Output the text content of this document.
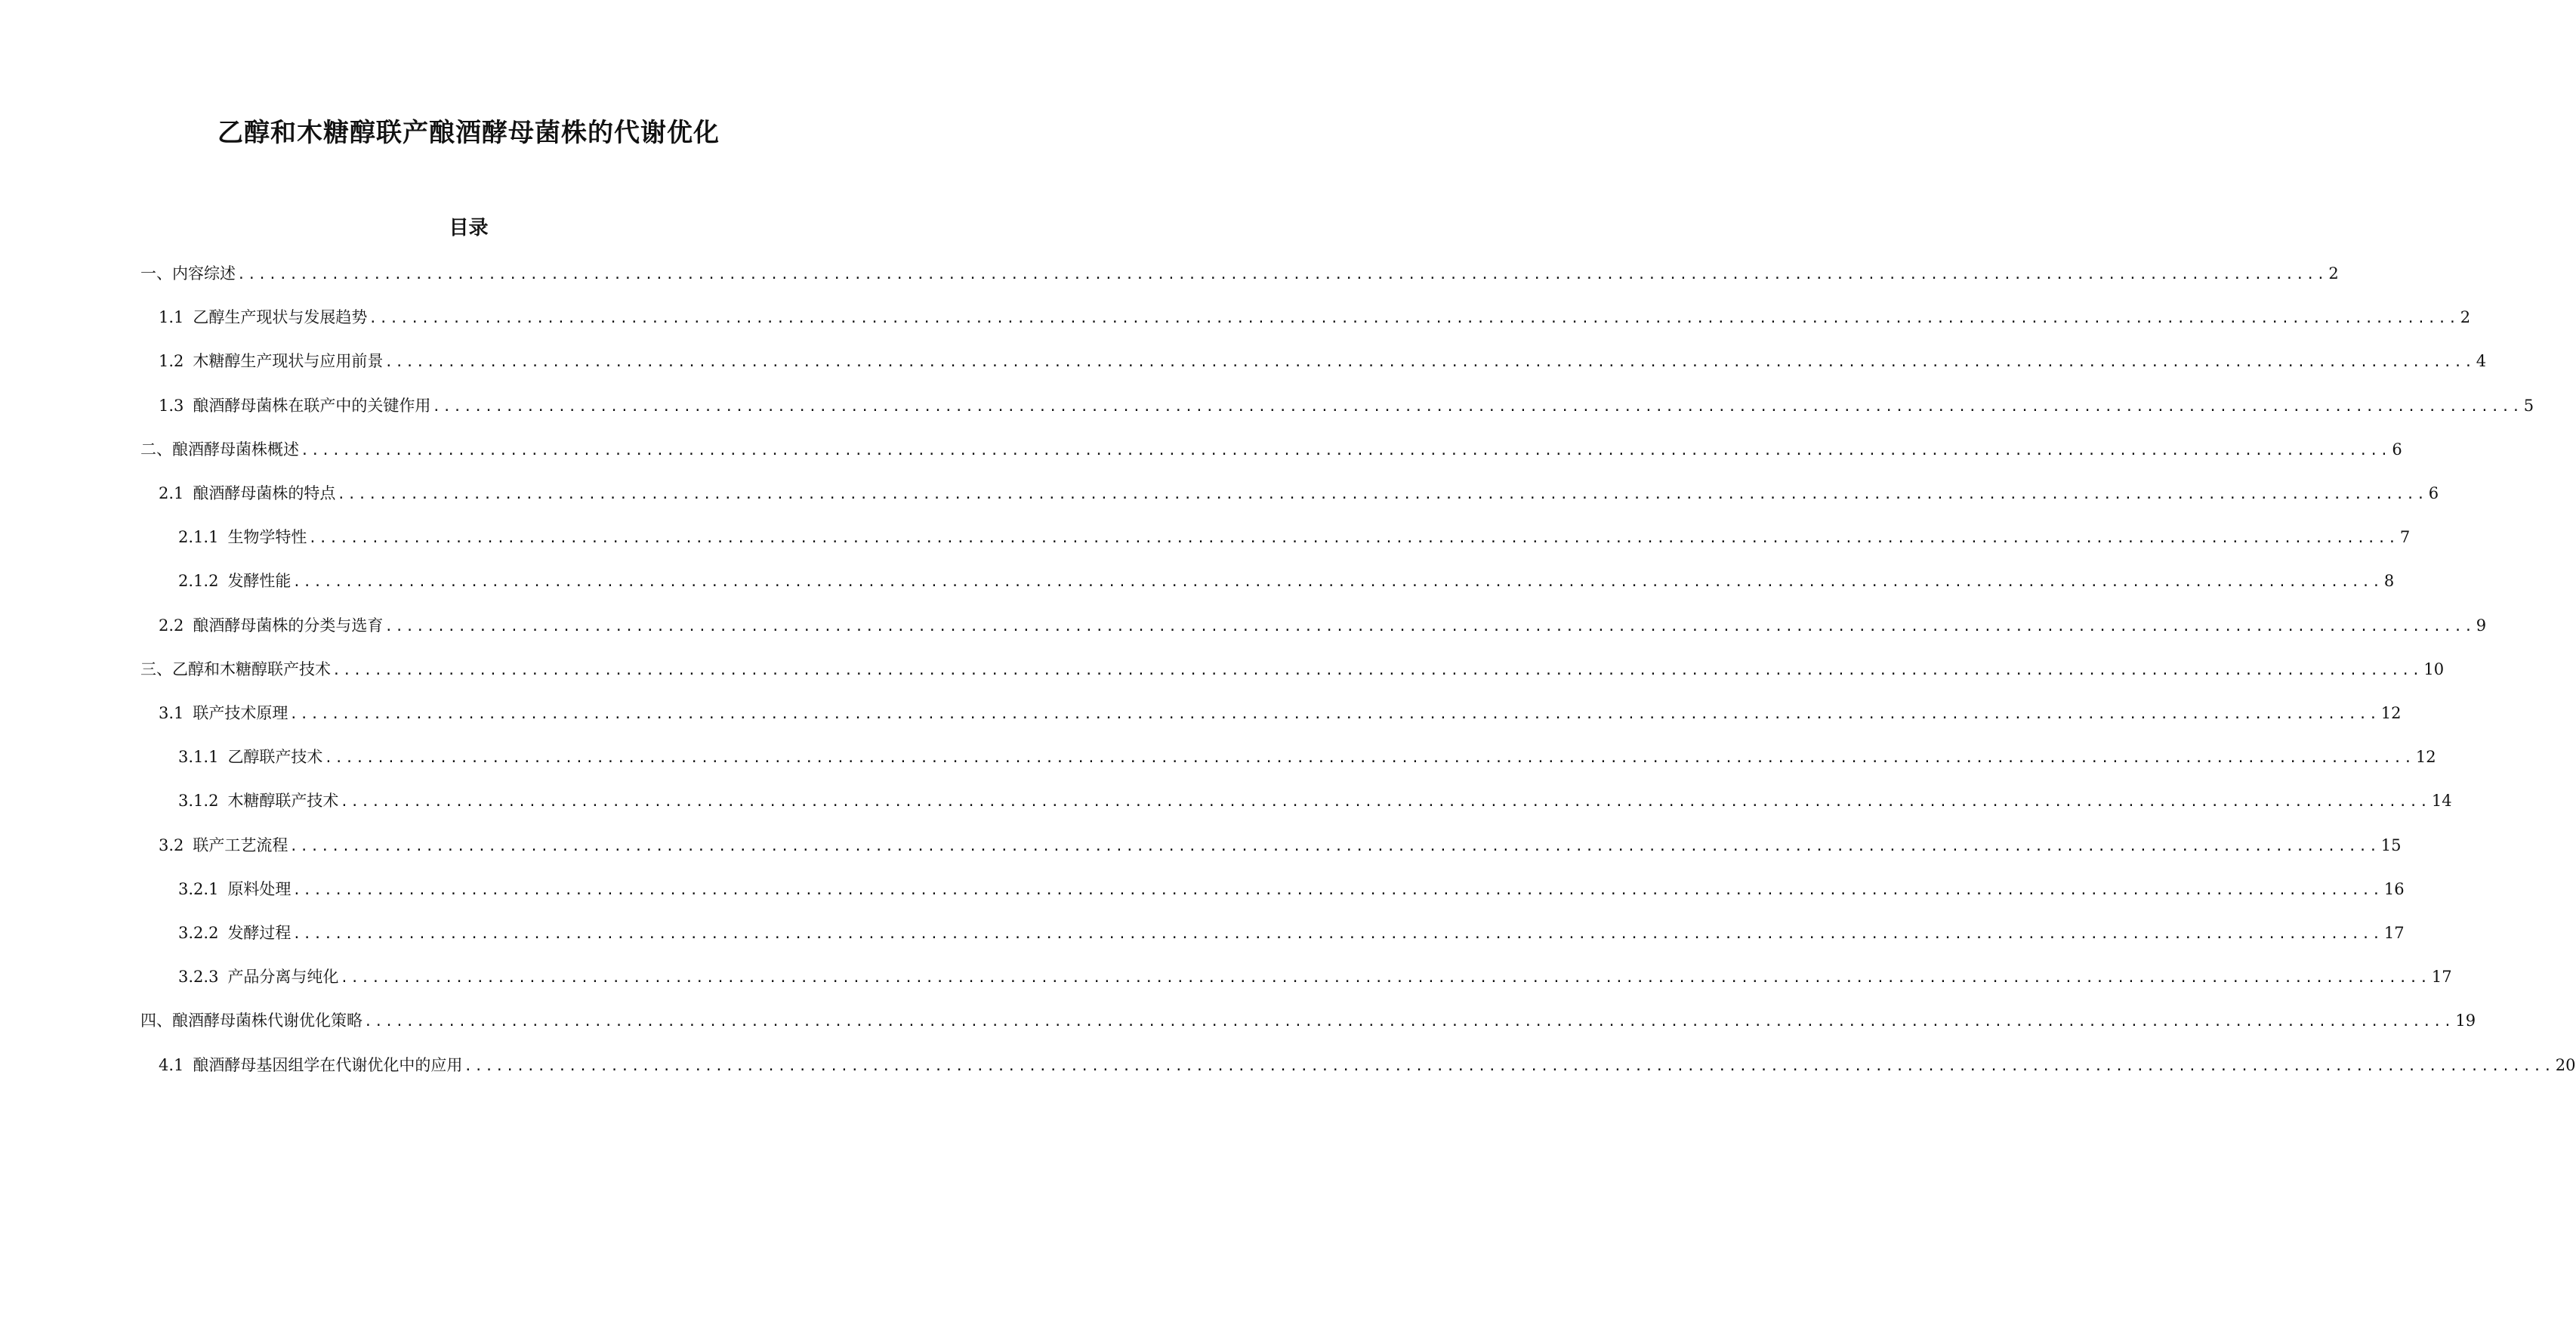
乙醇和木糖醇联产酿酒酵母菌株的代谢优化
目录
一、内容综述 ........................................................................................................................................................................................................ 2
1.1 乙醇生产现状与发展趋势 ........................................................................................................................................................................................................ 2
1.2 木糖醇生产现状与应用前景 ........................................................................................................................................................................................................ 4
1.3 酿酒酵母菌株在联产中的关键作用 ........................................................................................................................................................................................................ 5
二、酿酒酵母菌株概述 ........................................................................................................................................................................................................ 6
2.1 酿酒酵母菌株的特点 ........................................................................................................................................................................................................ 6
2.1.1 生物学特性 ........................................................................................................................................................................................................ 7
2.1.2 发酵性能 ........................................................................................................................................................................................................ 8
2.2 酿酒酵母菌株的分类与选育 ........................................................................................................................................................................................................ 9
三、乙醇和木糖醇联产技术 ........................................................................................................................................................................................................ 10
3.1 联产技术原理 ........................................................................................................................................................................................................ 12
3.1.1 乙醇联产技术 ........................................................................................................................................................................................................ 12
3.1.2 木糖醇联产技术 ........................................................................................................................................................................................................ 14
3.2 联产工艺流程 ........................................................................................................................................................................................................ 15
3.2.1 原料处理 ........................................................................................................................................................................................................ 16
3.2.2 发酵过程 ........................................................................................................................................................................................................ 17
3.2.3 产品分离与纯化 ........................................................................................................................................................................................................ 17
四、酿酒酵母菌株代谢优化策略 ........................................................................................................................................................................................................ 19
4.1 酿酒酵母基因组学在代谢优化中的应用 ........................................................................................................................................................................................................ 20
